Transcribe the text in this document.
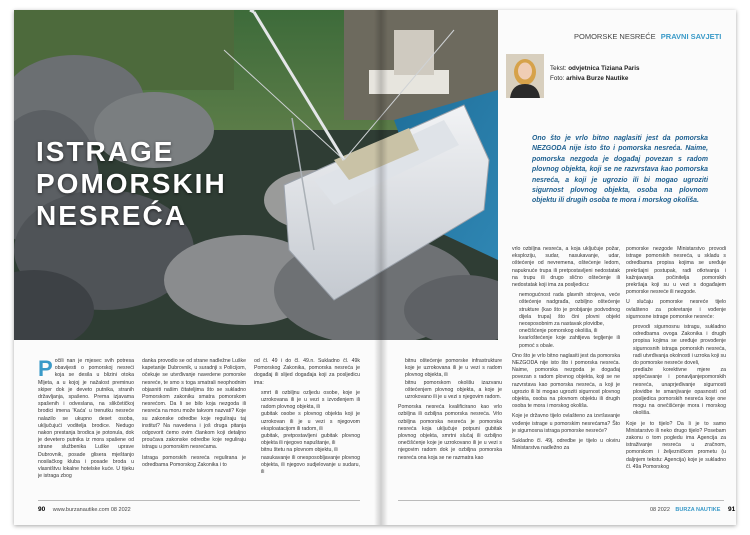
ISTRAGE
POMORSKIH
NESREĆA
POMORSKE NESREĆE PRAVNI SAVJETI
Tekst: odvjetnica Tiziana Paris
Foto: arhiva Burze Nautike
Ono što je vrlo bitno naglasiti jest da pomorska NEZGODA nije isto što i pomorska nesreća. Naime, pomorska nezgoda je događaj povezan s radom plovnog objekta, koji se ne razvrstava kao pomorska nesreća, a koji je ugrozio ili bi mogao ugroziti sigurnost plovnog objekta, osoba na plovnom objektu ili drugih osoba te mora i morskog okoliša.
P očili nan je mjesec svih potresa obavijesti o pomorskoj nesreći koja se desila u blizini otoka Mljeta, a u kojoj je nažalost preminuo skiper dok je deveto putnika, stranih državljanja, spašeno. Prema izjavama spašenih i odveslana, na slikčetičkoj brodici imena 'Kaća' u trenutku nesreće nalazilo se ukupno deset osoba, uključujući voditelja brodice. Nedugo nakon prestanja brodica je potonula, dok je devetero putnika iz mora spašene od strane službenika Luške uprave Dubrovnik, posade glisera mještanjo nosilačkog kluba i posade broda u vlasništvu lokalne hotelske kuće. U tijeku je istraga zbog

danka provodio se od strane nadležne Luške kapetanije Dubrovnik, u suradnji s Policijom, očekuje se utvrđivanje navedene pomorske nesreće, te smo s toga smatrali neophodnim objasniti našim čitateljima što se sukladno Pomorskom zakoniku smatra pomorskom nesrećom. Da li se bilo koja nezgoda ili nesreća na moru može takvom nazvati? Koje su zakonske odredbe koje reguliraju taj institut? Na navedena i još druga pitanja odgovorit ćemo ovim člankom koji detaljno proučava zakonske odredbe koje reguliraju istragu u pomorskim nesrećama.

Istraga pomorskih nesreća regulirana je odredbama Pomorskog Zakonika i to

od čl. 49 i do čl. 49.n. Sukladno čl. 49k Pomorskog Zakonika, pomorska nesreća je događaj ili slijed događaja koji za posljedicu ima:

• smrt ili ozbiljnu ozljedu osobe, koje je uzrokovana ili je u vezi s izvođenjem ili radom plovnog objekta, ili
• gubitak osobe s plovnog objekta koji je uzrokovan ili je u vezi s njegovom eksploatacijom ili radom, ili
• gubitak, pretpostavljeni gubitak plovnog objekta ili njegovo napuštanje, ili
• bitnu štetu na plovnom objektu, ili
• nasukavanje ili onesposobljavanje plovnog objekta, ili njegovo sudjelovanje u sudaru, ili
• bitnu oštećenje pomorske infrastrukture koje je uzrokovana ili je u vezi s radom plovnog objekta, ili
• bitnu pomorskom okolišu izazvanu oštećenjem plovnog objekta, a koje je uzrokovano ili je u vezi s njegovim radom.

Pomorska nesreća kvalificirano kao vrlo ozbiljna ili ozbiljna pomorska nesreća. Vrlo ozbiljna pomorska nesreća je pomorska nesreća koja uključuje potpuni gubitak plovnog objekta, smrtni slučaj ili ozbiljno onečišćenje koje je uzrokovano ili je u vezi s njegovim radom dok je ozbiljna pomorska nesreća ona koja se ne razmatra kao

vrlo ozbiljna nesreća, a koja uključuje požar, eksploziju, sudar, nasukavanje, udar, oštećenje od nevremena, oštećenje ledom, napuknuće trupa ili pretpostavljeni nedostatak na trupu ili drugo slično oštećenje ili nedostatak koji ima za posljedicu:

• nemogućnost rada glavnih strojeva, veće oštećenje nadgrađa, ozbiljno oštećenje strukture (kao što je probijanje podvodnog dijela trupa) što čini plovni objekt neosposobnim za nastavak plovidbe,
• onečišćenje pomorskog okoliša, ili
• kvar/oštećenje koje zahtijeva tegljenje ili pomoć s obale.

Ono što je vrlo bitno naglasiti jest da pomorska NEZGODA nije isto što i pomorska nesreća. Naime, pomorska nezgoda je događaj povezan s radom plovnog objekta, koji se ne razvrstava kao pomorska nesreća, a koji je ugrozio ili bi mogao ugroziti sigurnost plovnog objekta, osoba na plovnom objektu ili drugih osoba te mora i morskog okoliša.

Koje je državno tijelo ovlašteno za izvršavanje vođenje istrage u pomorskim nesrećama? Što je sigurnosna istraga pomorske nesreće?

Sukladno čl. 49j. odredbe je tijelo u okviru Ministarstva nadležno za

pomorske nezgode Ministarstvo provodi istrage pomorskih nesreća, u skladu s odredbama propisa kojima se uređuje prekršajni postupak, radi otkrivanja i kažnjavanja počinitelja pomorskih prekršaja koji su u vezi s događajem pomorske nesreće ili nezgode.

U slučaju pomorske nesreće tijelo ovlašteno za pokretanje i vođenje sigurnosne istrage pomorske nesreće:

• provodi sigurnosnu istragu, sukladno odredbama ovoga Zakonika i drugih propisa kojima se uređuje provođenje sigurnosnih istraga pomorskih nesreća, radi utvrđivanja okolnosti i uzroka koji su do pomorske nesreće doveli,
• predlaže korektivne mjere za sprječavanje i ponavljanjepomorskih nesreća, unaprjeđivanje sigurnosti plovidbe te smanjivanje opasnosti od posljedica pomorskih nesreća koje one mogu na onečišćenje mora i morskog okoliša.

Koje je to tijelo? Da li je to samo Ministarstvo ili neko drugo tijelo? Posebam zakonu o tom pogledu ima Agencija za istraživanje nesreća u zračnom, pomorskom i željezničkom prometu (u daljnjem tekstu: Agencija) koje je sukladno čl. 49a Pomorskog

90 www.burzanautike.com 08 2022	08 2022 BURZA NAUTIKE 91
